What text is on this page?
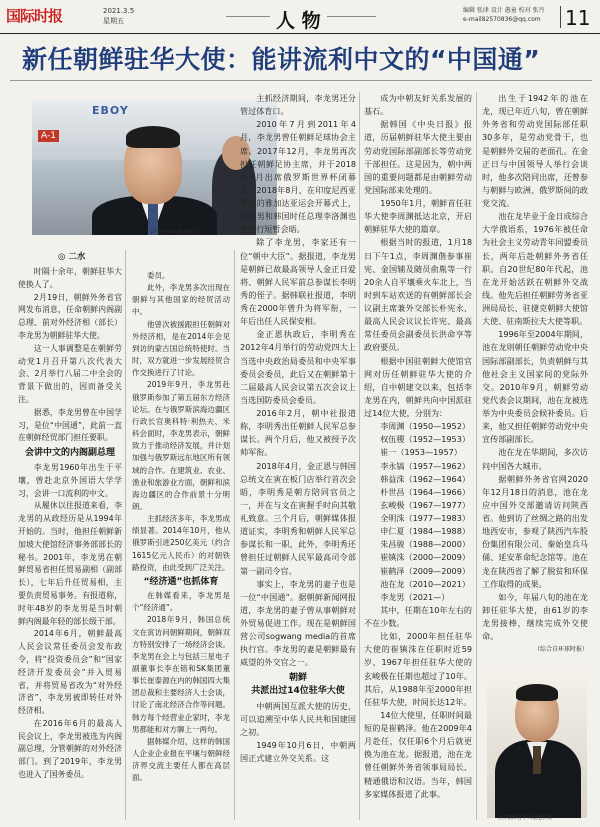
国际时报	2021.3.5
星期五	人 物	编辑 张津 设计 愚童 校对 张丹
e-mail82570836@qq.com 11
新任朝鲜驻华大使：能讲流利中文的“中国通”
EBOY
A-1
新任驻华大使李龙男
◎ 二水

时隔十余年，朝鲜驻华大使换人了。

2月19日，朝鲜外务省官网发布消息，任命朝鲜内阁副总理、前对外经济相（部长）李龙男为朝鲜驻华大使。

这一人事调整是在朝鲜劳动党1月召开第八次代表大会、2月举行八届二中全会的背景下做出的，因而备受关注。

据悉，李龙男曾在中国学习，是位“中国通”，此前一直在朝鲜经贸部门担任要职。

会讲中文的内阁副总理

李龙男1960年出生于平壤，曾赴北京外国语大学学习，会讲一口流利的中文。

从履休以往报道来看，李龙男的从政经历是从1994年开始的。当时，他担任朝鲜新加坡大使馆经济事务部部长的秘书。2001年，李龙男在朝鲜贸易省担任贸易副相（副部长），七年后升任贸易相，主要负责贸易事务。有报道称，时年48岁的李龙男是当时朝鲜内阁最年轻的部长级干部。

2014年6月，朝鲜最高人民会议常任委员会发布政令，将“投资委员会”和“国家经济开发委员会”并入贸易省，并将贸易省改为“对外经济省”，李龙男被即转任对外经济相。

在2016年6月的最高人民会议上，李龙男被选为内阁副总理，分管朝鲜的对外经济部门。到了2019年，李龙男也进入了国务委员。

委员。

此外，李龙男多次出现在朝鲜与其他国家的经贸活动中。

他曾次被援跟担任朝鲜对外经济相，是在2014年会见到访的蒙古国总统特使时。当时，双方就进一步发展经贸合作交换进行了讨论。

2019年9月，李龙男赴俄罗斯参加了第五届东方经济论坛。在与俄罗斯滨海边疆区行政长官奥科特·利热夫、米科会面时，李龙男表示，朝鲜致力于推动经济发展，并计划加强与俄罗斯远东地区所有领域的合作。在建筑业、农业、渔业和旅游业方面，朝鲜和滨海边疆区的合作前景十分明朗。

主抓经济多年，李龙男成绩显著。2014年10月，他从俄罗斯引进250亿美元（约合1615亿元人民币）的对朝铁路投资，由此受到广泛关注。

“经济通”也抓体育

在韩媒看来，李龙男是个“经济通”。

2018年9月，韩国总统文在寅访问朝鲜期间，朝鲜双方特别安排了一场经济会谈。李龙男在会上与包括三星电子副董事长李在镕和SK集团董事长崔泰源在内的韩国四大集团总裁和主要经济人士会谈，讨论了南北经济合作等问题。韩方每个经营业企家时，李龙男都能和对方聊上一两句。

据韩媒介绍，这样的韩国人企业企业报在平壤与朝鲜经济界交流主要任人都在高层面。

主抓经济期间，李龙男还分管过体育口。

2010年7月到2011年4月，李龙男曾任朝鲜足球协会主席。2017年12月，李龙男再次担任朝鲜足协主席，并于2018年7月出席俄罗斯世界杯闭幕式。2018年8月，在印度尼西亚举行的雅加达亚运会开幕式上，李龙男和韩国时任总理李洛渊也曾进行短暂会晤。

除了李龙男，李家还有一位“朝中大臣”。据报道，李龙男是朝鲜已故最高领导人金正日爱将、朝鲜人民军前总参谋长李明秀的侄子。据韩联社报道，李明秀在2000年曾升为将军衔，一年后出任人民保安相。

金正恩执政后，李明秀在2012年4月举行的劳动党四大上当选中央政治局委员和中央军事委员会委员，此后又在朝鲜第十二届最高人民会议第五次会议上当选国防委员会委员。

2016年2月，朝中社报道称，李明秀出任朝鲜人民军总参谋长。两个月后，他又被授予次帅军衔。

2018年4月，金正恩与韩国总统文在寅在板门店举行首次会晤，李明秀是朝方陪同官员之一，并在与文在寅握手时向其敬礼致意。三个月后，朝鲜媒体报道证实，李明秀和朝鲜人民军总参谋长和一职，此外，李明秀还曾担任过朝鲜人民军最高司令部第一副司令官。

事实上，李龙男的妻子也是一位“中国通”。据朝鲜新闻网报道，李龙男的妻子曾从事朝鲜对外贸易促进工作。现在是朝鲜国营公司sogwang media的首席执行官。李龙男的妻是朝鲜最有威望的外交官之一。

朝鲜
共派出过14位驻华大使

中朝两国互派大使的历史，可以追溯至中华人民共和国建国之初。

1949年10月6日，中朝两国正式建立外交关系。这

成为中朝友好关系发展的基石。

据韩国《中央日报》报道，历届朝鲜驻华大使主要由劳动党国际部副部长等劳动党干部担任。这是因为，朝中两国的重要问题都是由朝鲜劳动党国际部来处理的。

1950年1月，朝鲜首任驻华大使李周渊抵达北京，开启朝鲜驻华大使的篇章。

根据当时的报道，1月18日下午1点，李周渊偕参事崔宪、金国辅及随员俞胤等一行20余人自平壤乘火车北上，当时到车站欢送的有朝鲜部长会议副主席兼外交部长朴宪永、最高人民会议议长许宪、最高常任委员会副委员长洪命亨等政府要员。

根据中国驻朝鲜大使馆官网对历任朝鲜驻华大使的介绍，自中朝建交以来，包括李龙男在内，朝鲜共向中国派驻过14位大使，分别为：

李周渊（1950—1952）
权伍稷（1952—1953）
崔一（1953—1957）
李永镐（1957—1962）
韩益洙（1962—1964）
朴世昌（1964—1966）
玄峻极（1967—1977）
全明洙（1977—1983）
申仁夏（1984—1988）
朱昌骏（1988—2000）
崔镇洙（2000—2009）
崔鹤泽（2009—2009）
池在龙（2010—2021）
李龙男（2021—）

其中，任期在10年左右的不在少数。

比如，2000年担任驻华大使的崔镇洙在任职时近59岁，1967年担任驻华大使的玄峻极在任期也超过了10年。其后，从1988年至2000年担任驻华大使，时间长达12年。

14位大使里，任职时间最短的是崔鹤泽。他在2009年4月赴任，仅任职6个月后就更换为池在龙。据报道，池在龙曾任朝鲜外务省领事局局长、精通俄语和汉语。当年，韩国多家媒体报道了此事。

出生于1942年的池在龙，现已年近八旬，曾在朝鲜外务省和劳动党国际部任职30多年，是劳动党骨干，也是朝鲜外交届的老面孔。在金正日与中国领导人举行会谈时，他多次陪同出席，还曾参与朝鲜与欧洲、俄罗斯间的政党交流。

池在龙毕业于金日成综合大学俄语系，1976年被任命为社会主义劳动青年同盟委员长，两年后赴朝鲜外务省任职。自20世纪80年代起，池在龙开始活跃在朝鲜外交战线。他先后担任朝鲜劳务省亚洲局局长、驻捷克朝鲜大使馆大使、驻南斯拉夫大使等职。

1996年至2004年期间，池在龙则朝任朝鲜劳动党中央国际部副部长，负责朝鲜与其他社会主义国家间的党际外交。2010年9月，朝鲜劳动党代表会议期间，池在龙被选举为中央委员会候补委员。后来，他又担任朝鲜劳动党中央宣传部副部长。

池在龙在华期间，多次访问中国各大城市。

据朝鲜外务省官网2020年12月18日的消息，池在龙应中国外交部邀请访问陕西省。他到访了丝绸之路的出发地西安市，参观了陕西汽车股份集团有限公司、秦始皇兵马俑、延安革命纪念馆等。池在龙在陕西省了解了脱贫和环保工作取得的成果。

如今，年届八旬的池在龙卸任驻华大使，由61岁的李龙男接棒，继续完成外交使命。

（综合自环球时报）

上任朝鲜驻华大使池在龙
